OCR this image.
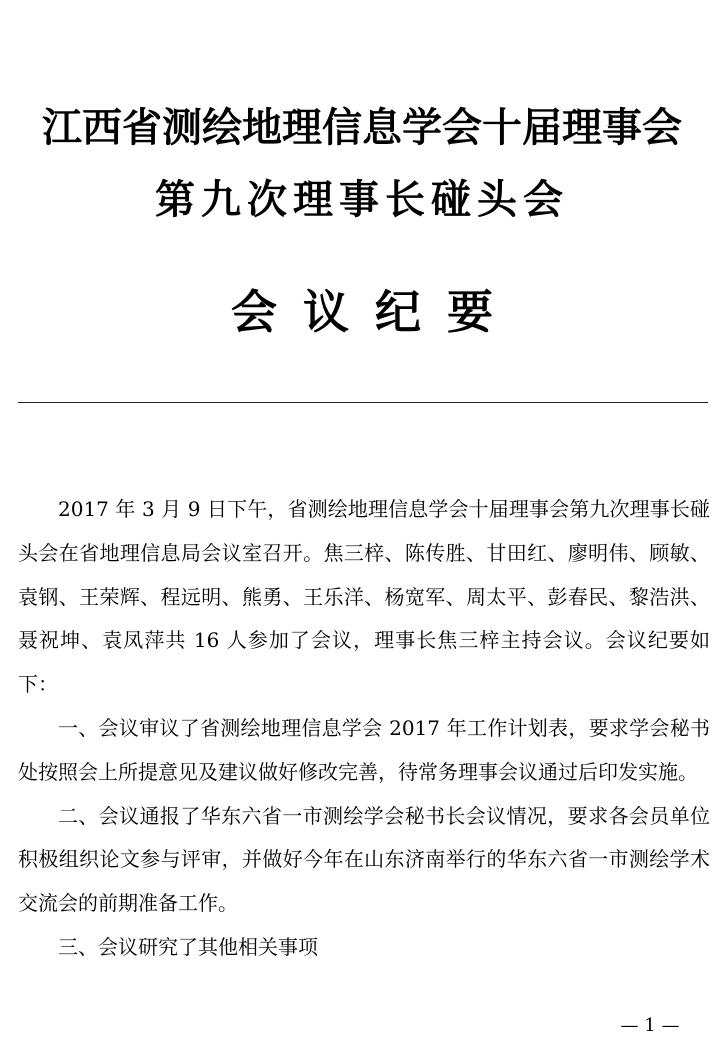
江西省测绘地理信息学会十届理事会
第九次理事长碰头会
会议纪要

2017 年 3 月 9 日下午，省测绘地理信息学会十届理事会第九次理事长碰头会在省地理信息局会议室召开。焦三梓、陈传胜、甘田红、廖明伟、顾敏、袁钢、王荣辉、程远明、熊勇、王乐洋、杨宽军、周太平、彭春民、黎浩洪、聂祝坤、袁凤萍共 16 人参加了会议，理事长焦三梓主持会议。会议纪要如下：

一、会议审议了省测绘地理信息学会 2017 年工作计划表，要求学会秘书处按照会上所提意见及建议做好修改完善，待常务理事会议通过后印发实施。

二、会议通报了华东六省一市测绘学会秘书长会议情况，要求各会员单位积极组织论文参与评审，并做好今年在山东济南举行的华东六省一市测绘学术交流会的前期准备工作。

三、会议研究了其他相关事项

— 1 —
